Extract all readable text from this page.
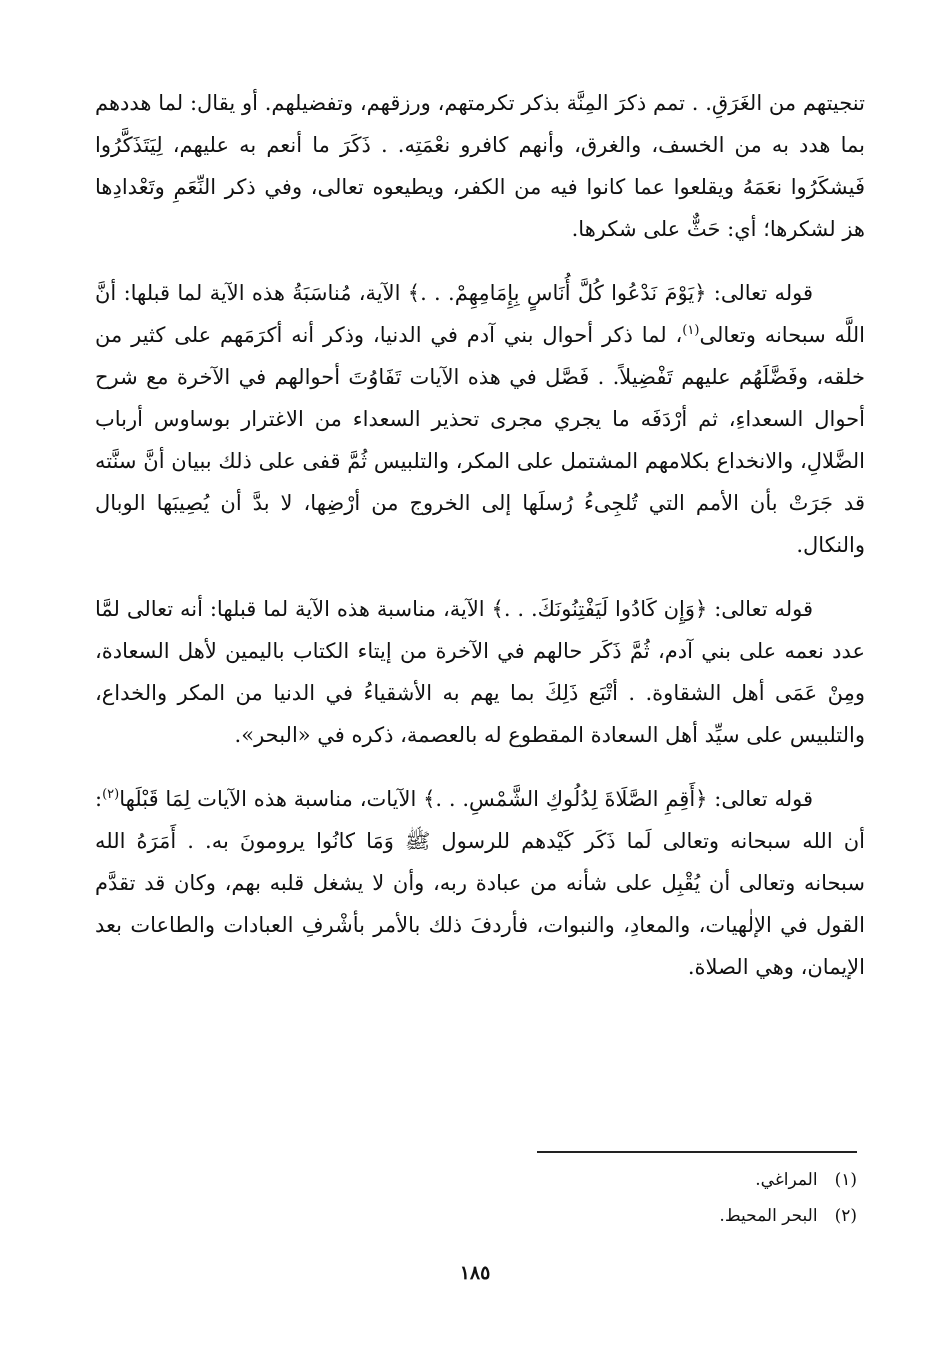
تنجيتهم من الغَرَقِ. . تمم ذكرَ المِنَّة بذكر تكرمتهم، ورزقهم، وتفضيلهم. أو يقال: لما هددهم بما هدد به من الخسف، والغرق، وأنهم كافرو نعْمَتِه. . ذَكَرَ ما أنعم به عليهم، لِيَتَذَكَّرُوا فَيشكَرُوا نعَمَهُ ويقلعوا عما كانوا فيه من الكفر، ويطيعوه تعالى، وفي ذكر النِّعَمِ وتَعْدادِها هز لشكرها؛ أي: حَثٌّ على شكرها.

قوله تعالى: ﴿يَوْمَ نَدْعُوا كُلَّ أُنَاسٍ بِإِمَامِهِمْ. . .﴾ الآية، مُناسَبَةُ هذه الآية لما قبلها: أنَّ اللَّه سبحانه وتعالى$^{(١)}$، لما ذكر أحوال بني آدم في الدنيا، وذكر أنه أكرَمَهم على كثير من خلقه، وفَضَّلَهُم عليهم تَفْضِيلاً. . فَصَّل في هذه الآيات تَفَاوُتَ أحوالهم في الآخرة مع شرح أحوال السعداءِ، ثم أرْدَفَه ما يجري مجرى تحذير السعداء من الاغترار بوساوس أرباب الضَّلالِ، والانخداع بكلامهم المشتمل على المكر، والتلبيس ثُمَّ قفى على ذلك ببيان أنَّ سنَّته قد جَرَتْ بأن الأمم التي تُلجِىءُ رُسلَها إلى الخروج من أرْضِها، لا بدَّ أن يُصِيبَها الوبال والنكال.

قوله تعالى: ﴿وَإِن كَادُوا لَيَفْتِنُونَكَ. . .﴾ الآية، مناسبة هذه الآية لما قبلها: أنه تعالى لمَّا عدد نعمه على بني آدم، ثُمَّ ذَكَر حالهم في الآخرة من إيتاء الكتاب باليمين لأهل السعادة، ومِنْ عَمَى أهل الشقاوة. . أتْبَع ذَلِكَ بما يهم به الأشقياءُ في الدنيا من المكر والخداع، والتلبيس على سيِّد أهل السعادة المقطوع له بالعصمة، ذكره في «البحر».

قوله تعالى: ﴿أَقِمِ الصَّلَاةَ لِدُلُوكِ الشَّمْسِ. . .﴾ الآيات، مناسبة هذه الآيات لِمَا قَبْلَها$^{(٢)}$: أن الله سبحانه وتعالى لَما ذَكَر كَيْدهم للرسول ﷺ وَمَا كانُوا يرومونَ به. . أَمَرَهُ الله سبحانه وتعالى أن يُقْبِل على شأنه من عبادة ربه، وأن لا يشغل قلبه بهم، وكان قد تقدَّم القول في الإلٰهيات، والمعادِ، والنبوات، فأردفَ ذلك بالأمر بأشْرفِ العبادات والطاعات بعد الإيمان، وهي الصلاة.

(١) المراغي.
(٢) البحر المحيط.
١٨٥
